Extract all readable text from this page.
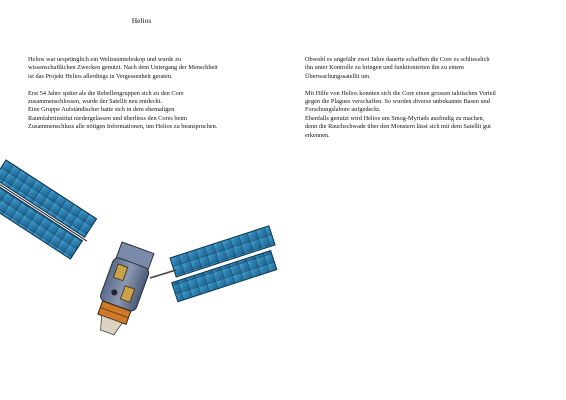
Helios

Helios war ursprünglich ein Weltraumteleskop und wurde zu
wissenschaftlichen Zwecken genutzt. Nach dem Untergang der Menschheit
ist das Projekt Helios allerdings in Vergessenheit geraten.

Erst 54 Jahre später als die Rebellengruppen sich zu den Core
zusammenschlossen, wurde der Satellit neu entdeckt.
Eine Gruppe Aufständischer hatte sich in dem ehemaligen
Raumfahrtinstitut niedergelassen und überliess den Cores beim
Zusammenschluss alle nötigen Informationen, um Helios zu beanspruchen.

Obwohl es ungefähr zwei Jahre dauerte schafften die Core es schliesslich
ihn unter Kontrolle zu bringen und funktionierten ihn zu einem
Überwachungssatellit um.

Mit Hilfe von Helios konnten sich die Core einen grossen taktischen Vorteil
gegen die Plagues verschaffen. So wurden diverse unbekannte Basen und
Forschungslabore aufgedeckt.
Ebenfalls genutzt wird Helios um Smog-Myriads ausfindig zu machen,
denn die Rauchschwade über den Monstern lässt sich mit dem Satellit gut
erkennen.
